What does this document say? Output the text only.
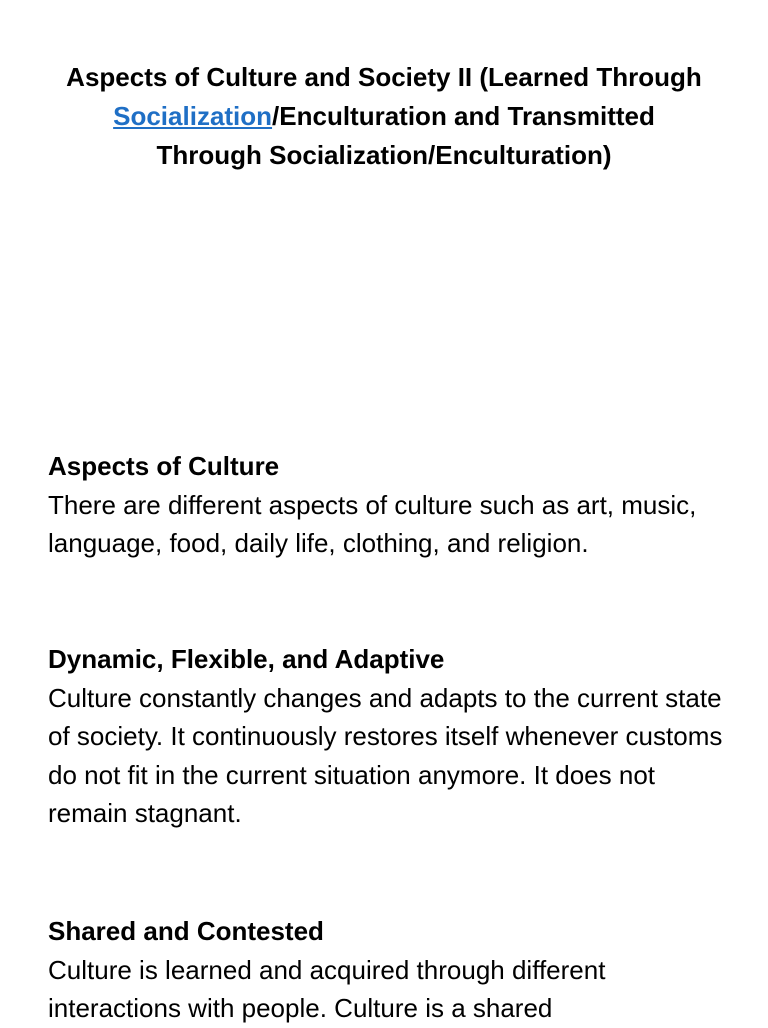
Aspects of Culture and Society II (Learned Through Socialization/Enculturation and Transmitted Through Socialization/Enculturation)
Aspects of Culture

There are different aspects of culture such as art, music, language, food, daily life, clothing, and religion.

Dynamic, Flexible, and Adaptive

Culture constantly changes and adapts to the current state of society. It continuously restores itself whenever customs do not fit in the current situation anymore. It does not remain stagnant.

Shared and Contested

Culture is learned and acquired through different interactions with people. Culture is a shared
